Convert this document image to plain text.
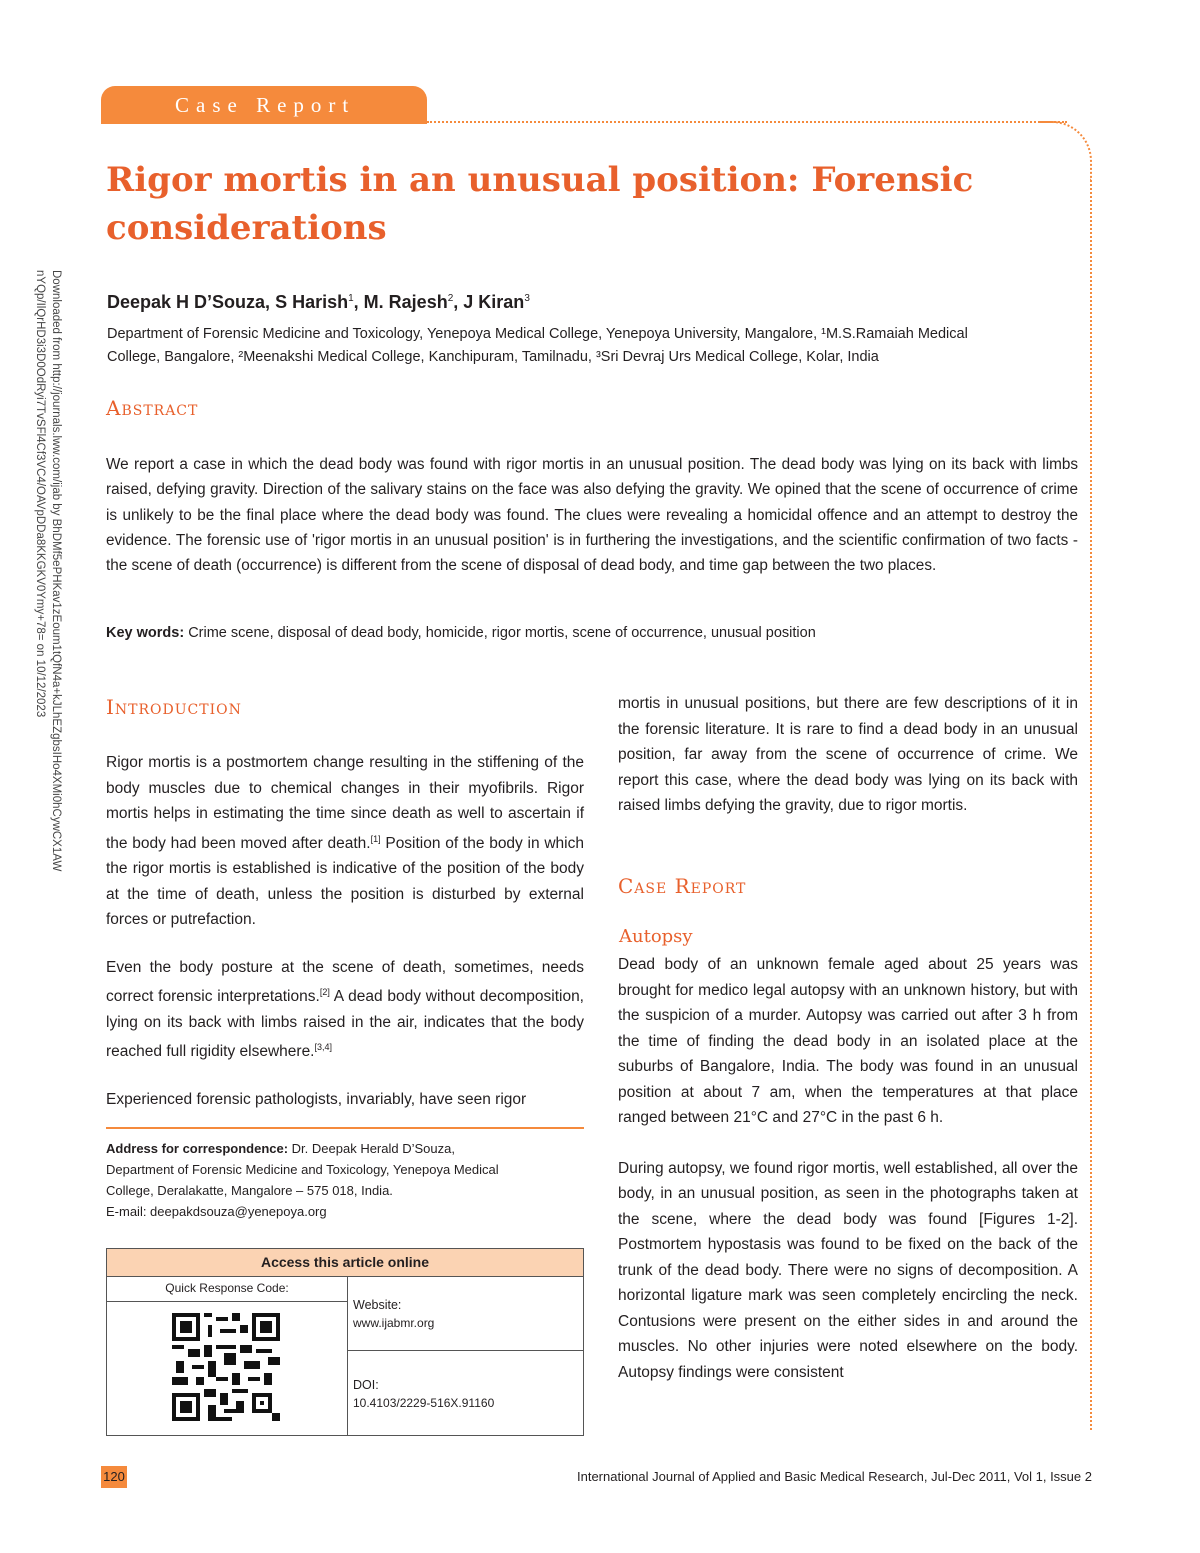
Case Report
Downloaded from http://journals.lww.com/ijab by BhDMf5ePHKav1zEoum1tQfN4a+kJLhEZgbsIHo4XMi0hCywCX1AW
nYQp/IlQrHD3i3D0OdRyi7TvSFl4Cf3VC4/OAVpDDa8KKGKV0Ymy+78= on 10/12/2023
Rigor mortis in an unusual position: Forensic
considerations
Deepak H D’Souza, S Harish$^1$, M. Rajesh$^2$, J Kiran$^3$
Department of Forensic Medicine and Toxicology, Yenepoya Medical College, Yenepoya University, Mangalore, ¹M.S.Ramaiah Medical
College, Bangalore, ²Meenakshi Medical College, Kanchipuram, Tamilnadu, ³Sri Devraj Urs Medical College, Kolar, India
Abstract
We report a case in which the dead body was found with rigor mortis in an unusual position. The dead body was lying on its back with limbs raised, defying gravity. Direction of the salivary stains on the face was also defying the gravity. We opined that the scene of occurrence of crime is unlikely to be the final place where the dead body was found. The clues were revealing a homicidal offence and an attempt to destroy the evidence. The forensic use of 'rigor mortis in an unusual position' is in furthering the investigations, and the scientific confirmation of two facts - the scene of death (occurrence) is different from the scene of disposal of dead body, and time gap between the two places.
Key words: Crime scene, disposal of dead body, homicide, rigor mortis, scene of occurrence, unusual position
Introduction

Rigor mortis is a postmortem change resulting in the stiffening of the body muscles due to chemical changes in their myofibrils. Rigor mortis helps in estimating the time since death as well to ascertain if the body had been moved after death.[1] Position of the body in which the rigor mortis is established is indicative of the position of the body at the time of death, unless the position is disturbed by external forces or putrefaction.

Even the body posture at the scene of death, sometimes, needs correct forensic interpretations.[2] A dead body without decomposition, lying on its back with limbs raised in the air, indicates that the body reached full rigidity elsewhere.[3,4]

Experienced forensic pathologists, invariably, have seen rigor

Address for correspondence: Dr. Deepak Herald D’Souza,
Department of Forensic Medicine and Toxicology, Yenepoya Medical
College, Deralakatte, Mangalore – 575 018, India.
E-mail: deepakdsouza@yenepoya.org
Access this article online
Quick Response Code:
Website:
www.ijabmr.org
DOI:
10.4103/2229-516X.91160
mortis in unusual positions, but there are few descriptions of it in the forensic literature. It is rare to find a dead body in an unusual position, far away from the scene of occurrence of crime. We report this case, where the dead body was lying on its back with raised limbs defying the gravity, due to rigor mortis.
Case Report
Autopsy

Dead body of an unknown female aged about 25 years was brought for medico legal autopsy with an unknown history, but with the suspicion of a murder. Autopsy was carried out after 3 h from the time of finding the dead body in an isolated place at the suburbs of Bangalore, India. The body was found in an unusual position at about 7 am, when the temperatures at that place ranged between 21°C and 27°C in the past 6 h.

During autopsy, we found rigor mortis, well established, all over the body, in an unusual position, as seen in the photographs taken at the scene, where the dead body was found [Figures 1-2]. Postmortem hypostasis was found to be fixed on the back of the trunk of the dead body. There were no signs of decomposition. A horizontal ligature mark was seen completely encircling the neck. Contusions were present on the either sides in and around the muscles. No other injuries were noted elsewhere on the body. Autopsy findings were consistent

120	International Journal of Applied and Basic Medical Research, Jul-Dec 2011, Vol 1, Issue 2
